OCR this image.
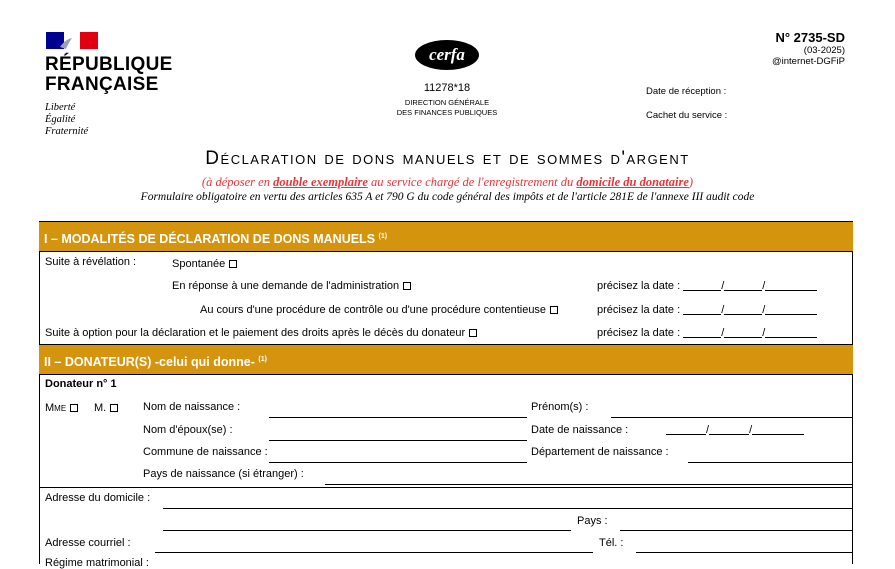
RÉPUBLIQUE
FRANÇAISE
Liberté
Égalité
Fraternité
cerfa
11278*18
DIRECTION GÉNÉRALE
DES FINANCES PUBLIQUES
N° 2735-SD
(03-2025)
@internet-DGFiP
Date de réception :
Cachet du service :
Déclaration de dons manuels et de sommes d'argent
(à déposer en double exemplaire au service chargé de l'enregistrement du domicile du donataire)
Formulaire obligatoire en vertu des articles 635 A et 790 G du code général des impôts et de l'article 281E de l'annexe III audit code
I – MODALITÉS DE DÉCLARATION DE DONS MANUELS $^{(1)}$
Suite à révélation :	Spontanée
En réponse à une demande de l'administration	précisez la date :	/	/
Au cours d'une procédure de contrôle ou d'une procédure contentieuse	précisez la date :	/	/
Suite à option pour la déclaration et le paiement des droits après le décès du donateur	précisez la date :	/	/
II – DONATEUR(S) -celui qui donne- $^{(1)}$
Donateur n° 1
Mme	M.	Nom de naissance :	Prénom(s) :
Nom d'époux(se) :	Date de naissance :	/	/
Commune de naissance :	Département de naissance :
Pays de naissance (si étranger) :
Adresse du domicile :
Pays :
Adresse courriel :	Tél. :
Régime matrimonial :
